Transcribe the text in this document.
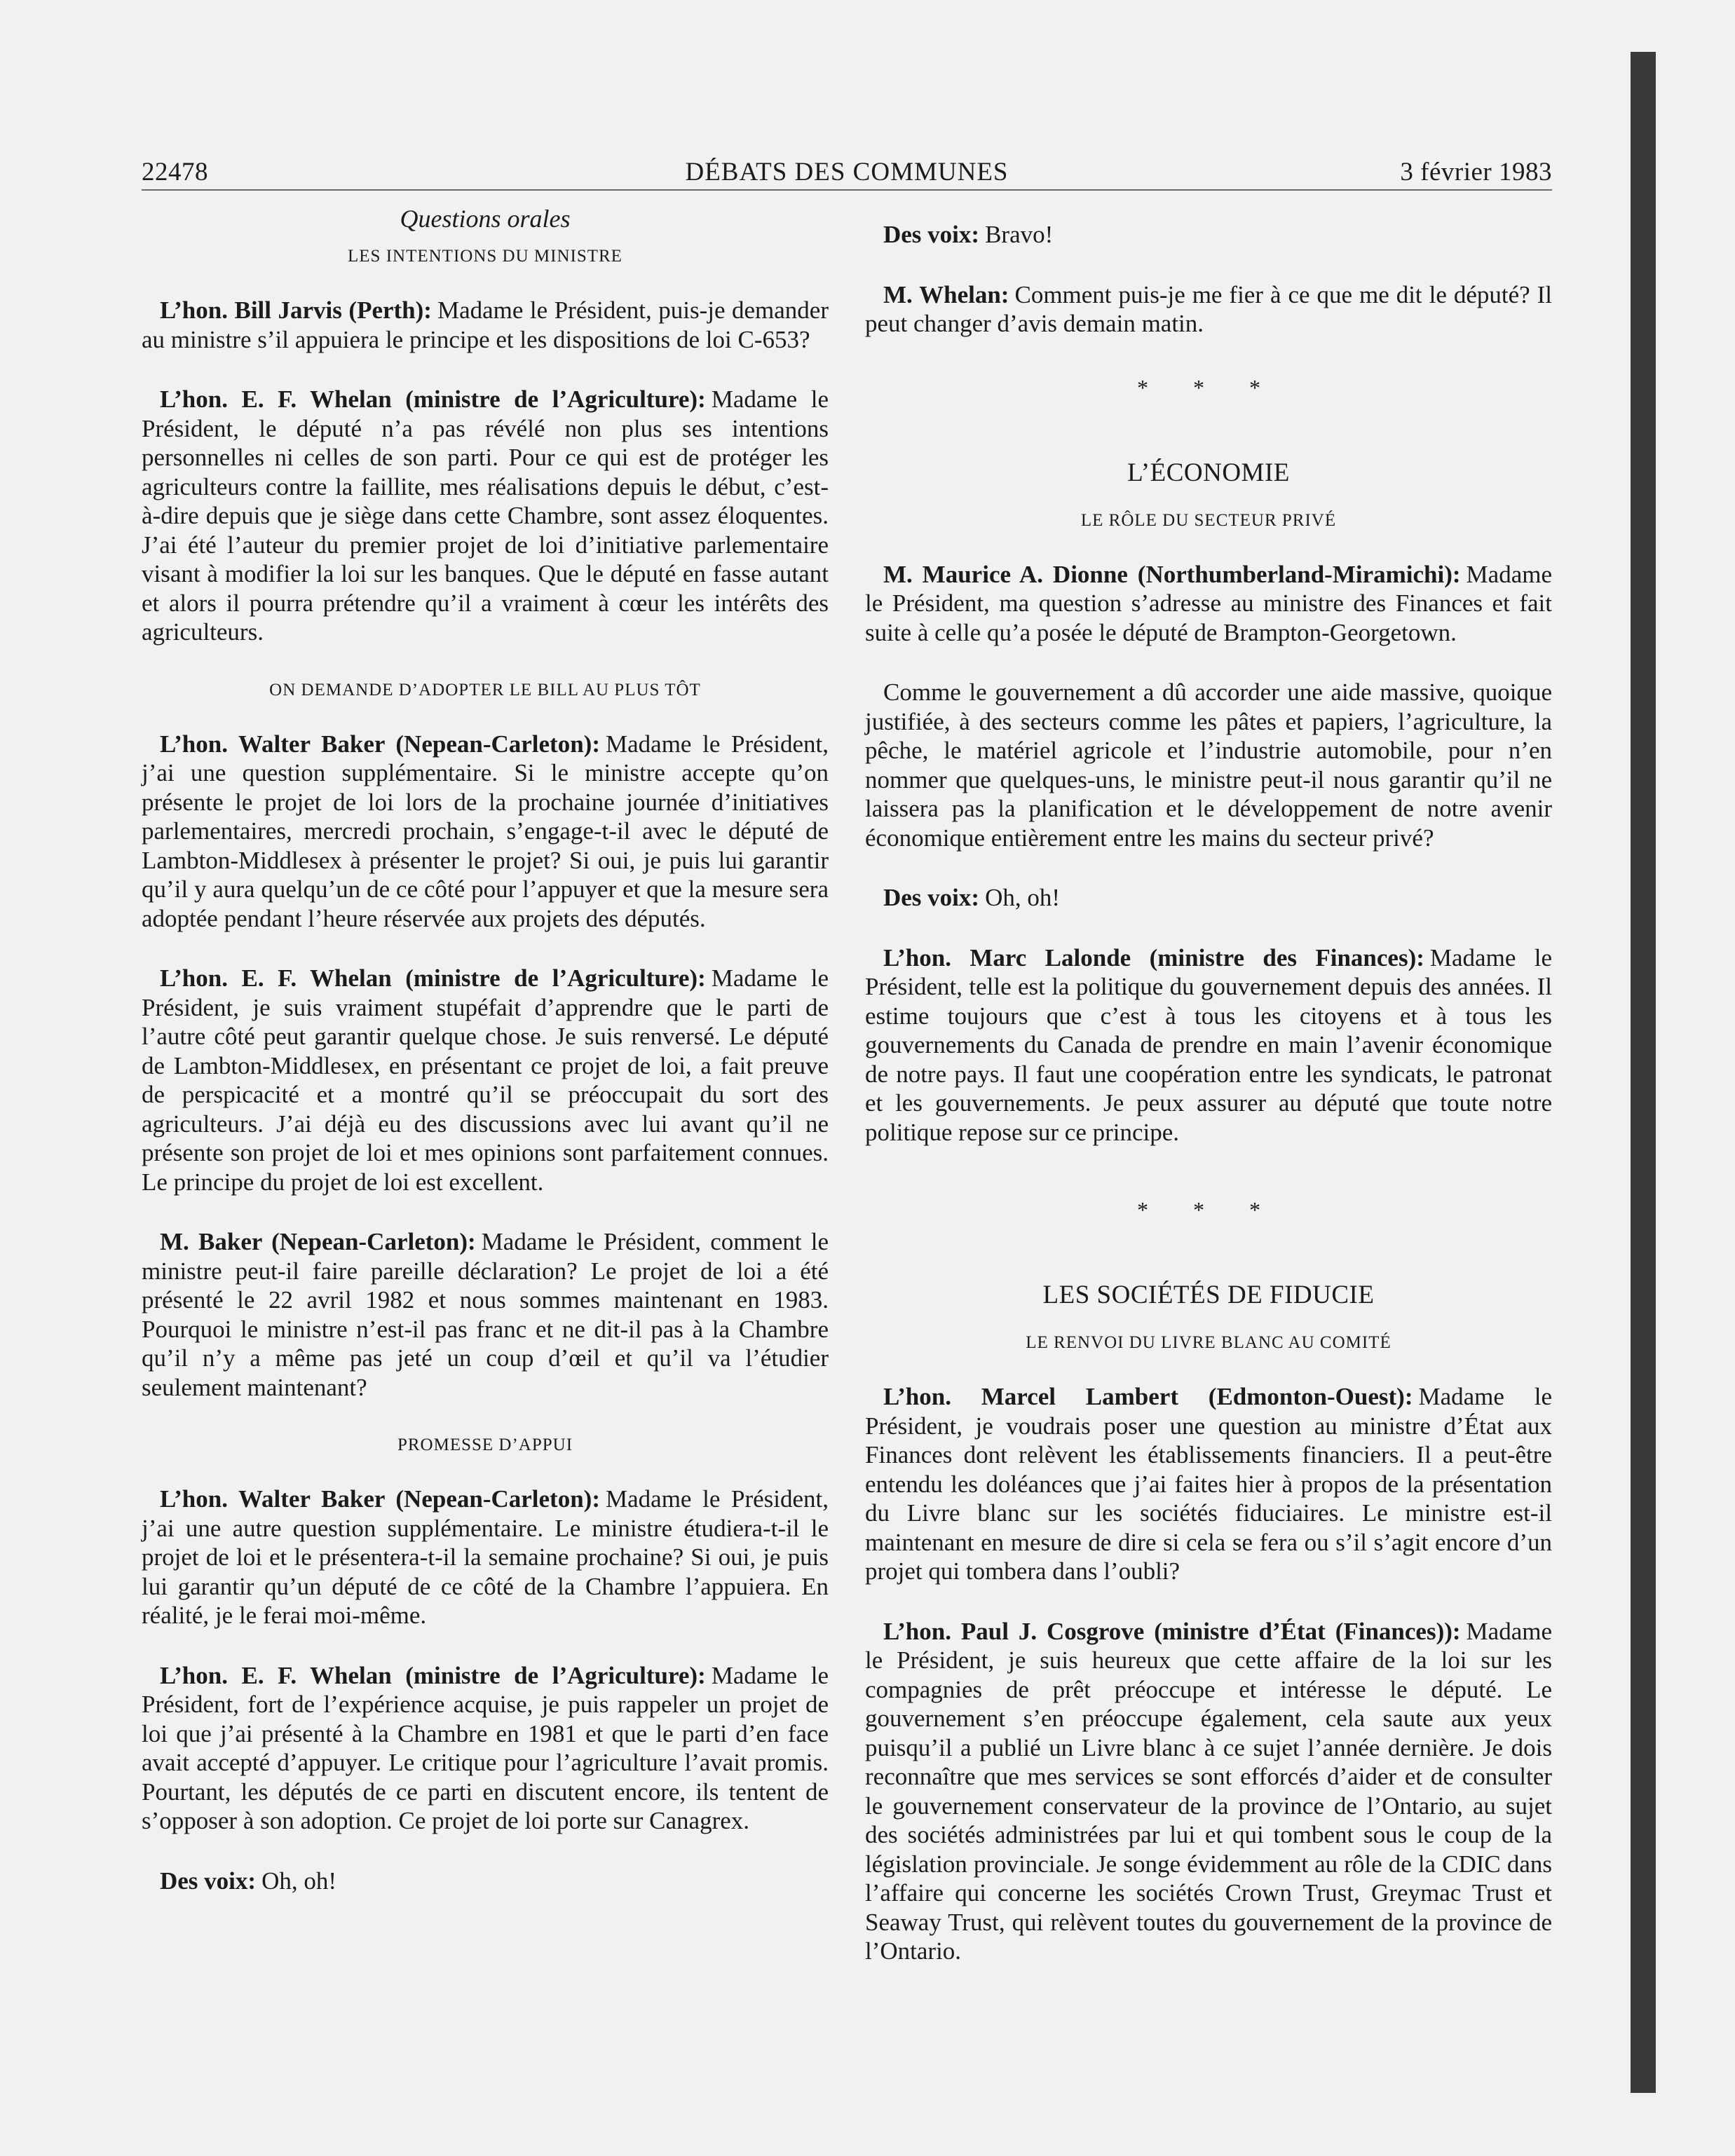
22478	DÉBATS DES COMMUNES	3 février 1983
Questions orales
LES INTENTIONS DU MINISTRE

L’hon. Bill Jarvis (Perth): Madame le Président, puis-je demander au ministre s’il appuiera le principe et les dispositions de loi C-653?

L’hon. E. F. Whelan (ministre de l’Agriculture): Madame le Président, le député n’a pas révélé non plus ses intentions personnelles ni celles de son parti. Pour ce qui est de protéger les agriculteurs contre la faillite, mes réalisations depuis le début, c’est-à-dire depuis que je siège dans cette Chambre, sont assez éloquentes. J’ai été l’auteur du premier projet de loi d’initiative parlementaire visant à modifier la loi sur les banques. Que le député en fasse autant et alors il pourra prétendre qu’il a vraiment à cœur les intérêts des agriculteurs.

ON DEMANDE D’ADOPTER LE BILL AU PLUS TÔT

L’hon. Walter Baker (Nepean-Carleton): Madame le Président, j’ai une question supplémentaire. Si le ministre accepte qu’on présente le projet de loi lors de la prochaine journée d’initiatives parlementaires, mercredi prochain, s’engage-t-il avec le député de Lambton-Middlesex à présenter le projet? Si oui, je puis lui garantir qu’il y aura quelqu’un de ce côté pour l’appuyer et que la mesure sera adoptée pendant l’heure réservée aux projets des députés.

L’hon. E. F. Whelan (ministre de l’Agriculture): Madame le Président, je suis vraiment stupéfait d’apprendre que le parti de l’autre côté peut garantir quelque chose. Je suis renversé. Le député de Lambton-Middlesex, en présentant ce projet de loi, a fait preuve de perspicacité et a montré qu’il se préoccupait du sort des agriculteurs. J’ai déjà eu des discussions avec lui avant qu’il ne présente son projet de loi et mes opinions sont parfaitement connues. Le principe du projet de loi est excellent.

M. Baker (Nepean-Carleton): Madame le Président, comment le ministre peut-il faire pareille déclaration? Le projet de loi a été présenté le 22 avril 1982 et nous sommes maintenant en 1983. Pourquoi le ministre n’est-il pas franc et ne dit-il pas à la Chambre qu’il n’y a même pas jeté un coup d’œil et qu’il va l’étudier seulement maintenant?

PROMESSE D’APPUI

L’hon. Walter Baker (Nepean-Carleton): Madame le Président, j’ai une autre question supplémentaire. Le ministre étudiera-t-il le projet de loi et le présentera-t-il la semaine prochaine? Si oui, je puis lui garantir qu’un député de ce côté de la Chambre l’appuiera. En réalité, je le ferai moi-même.

L’hon. E. F. Whelan (ministre de l’Agriculture): Madame le Président, fort de l’expérience acquise, je puis rappeler un projet de loi que j’ai présenté à la Chambre en 1981 et que le parti d’en face avait accepté d’appuyer. Le critique pour l’agriculture l’avait promis. Pourtant, les députés de ce parti en discutent encore, ils tentent de s’opposer à son adoption. Ce projet de loi porte sur Canagrex.

Des voix: Oh, oh!

Des voix: Bravo!

M. Whelan: Comment puis-je me fier à ce que me dit le député? Il peut changer d’avis demain matin.

* * *
L’ÉCONOMIE
LE RÔLE DU SECTEUR PRIVÉ

M. Maurice A. Dionne (Northumberland-Miramichi): Madame le Président, ma question s’adresse au ministre des Finances et fait suite à celle qu’a posée le député de Brampton-Georgetown.

Comme le gouvernement a dû accorder une aide massive, quoique justifiée, à des secteurs comme les pâtes et papiers, l’agriculture, la pêche, le matériel agricole et l’industrie automobile, pour n’en nommer que quelques-uns, le ministre peut-il nous garantir qu’il ne laissera pas la planification et le développement de notre avenir économique entièrement entre les mains du secteur privé?

Des voix: Oh, oh!

L’hon. Marc Lalonde (ministre des Finances): Madame le Président, telle est la politique du gouvernement depuis des années. Il estime toujours que c’est à tous les citoyens et à tous les gouvernements du Canada de prendre en main l’avenir économique de notre pays. Il faut une coopération entre les syndicats, le patronat et les gouvernements. Je peux assurer au député que toute notre politique repose sur ce principe.

* * *
LES SOCIÉTÉS DE FIDUCIE
LE RENVOI DU LIVRE BLANC AU COMITÉ

L’hon. Marcel Lambert (Edmonton-Ouest): Madame le Président, je voudrais poser une question au ministre d’État aux Finances dont relèvent les établissements financiers. Il a peut-être entendu les doléances que j’ai faites hier à propos de la présentation du Livre blanc sur les sociétés fiduciaires. Le ministre est-il maintenant en mesure de dire si cela se fera ou s’il s’agit encore d’un projet qui tombera dans l’oubli?

L’hon. Paul J. Cosgrove (ministre d’État (Finances)): Madame le Président, je suis heureux que cette affaire de la loi sur les compagnies de prêt préoccupe et intéresse le député. Le gouvernement s’en préoccupe également, cela saute aux yeux puisqu’il a publié un Livre blanc à ce sujet l’année dernière. Je dois reconnaître que mes services se sont efforcés d’aider et de consulter le gouvernement conservateur de la province de l’Ontario, au sujet des sociétés administrées par lui et qui tombent sous le coup de la législation provinciale. Je songe évidemment au rôle de la CDIC dans l’affaire qui concerne les sociétés Crown Trust, Greymac Trust et Seaway Trust, qui relèvent toutes du gouvernement de la province de l’Ontario.
